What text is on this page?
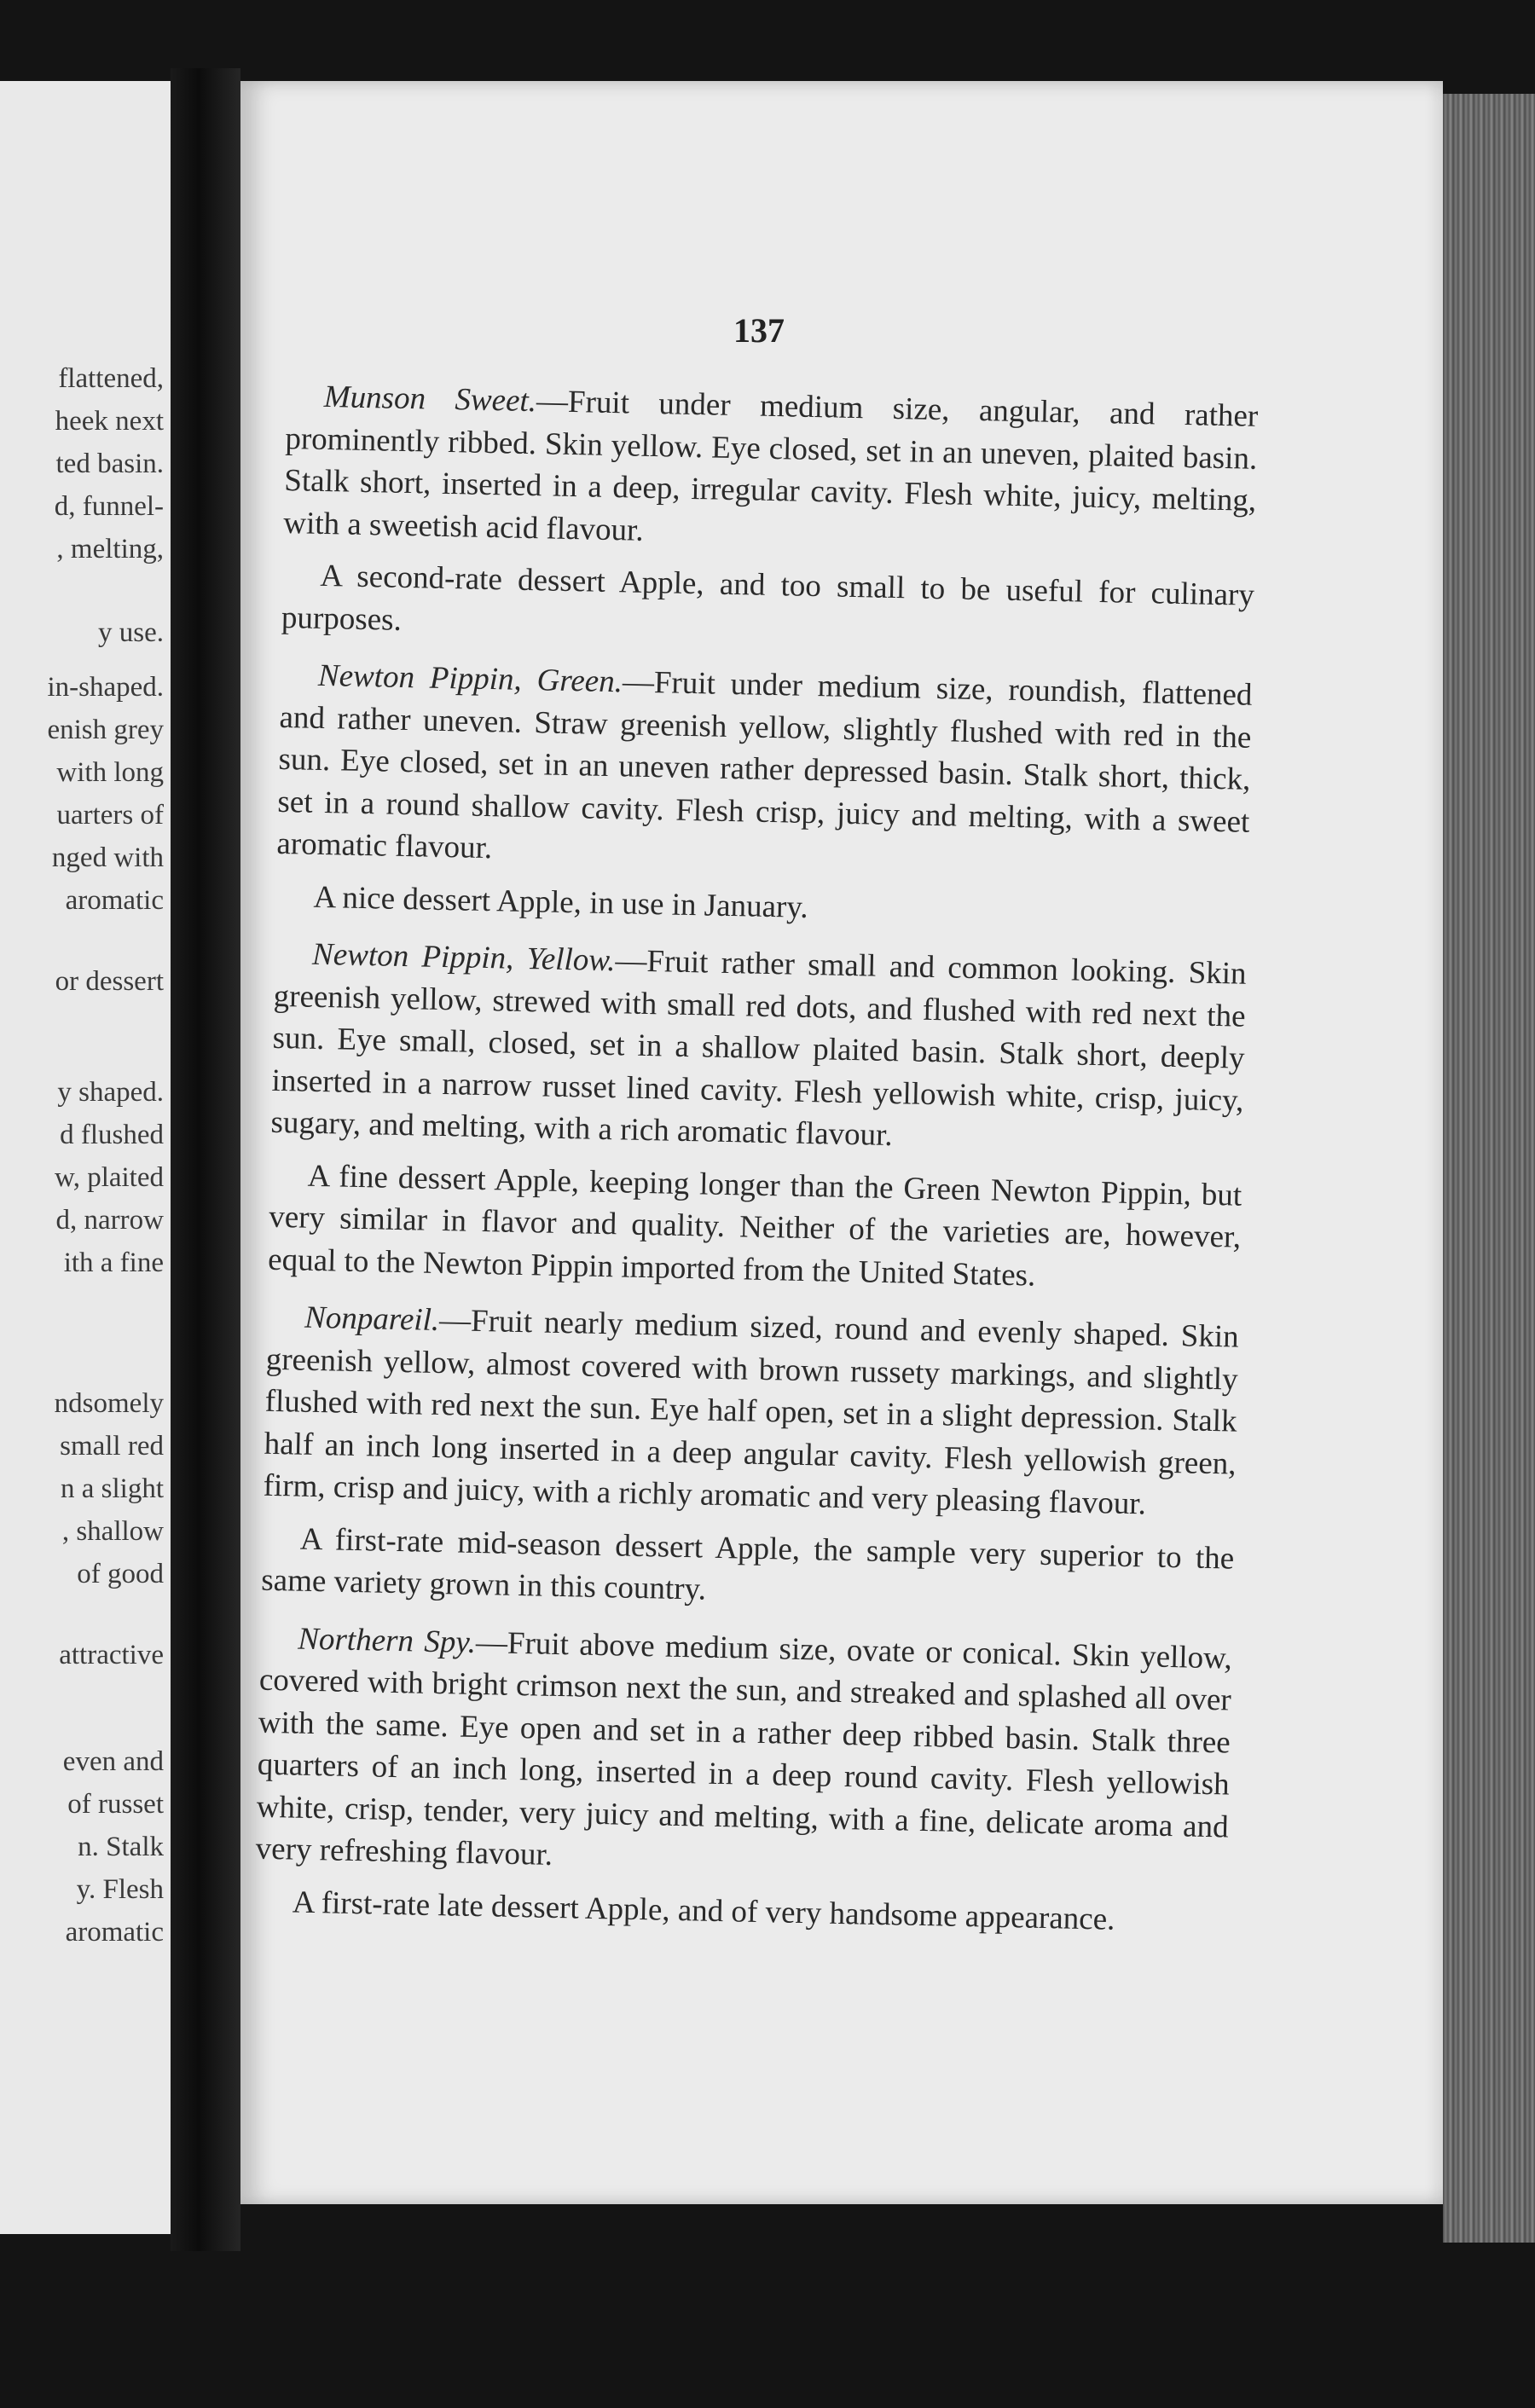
flattened,
heek next
ted basin.
d, funnel-
, melting,
y use.
in-shaped.
enish grey
with long
uarters of
nged with
aromatic
or dessert
y shaped.
d flushed
w, plaited
d, narrow
ith a fine
ndsomely
small red
n a slight
, shallow
of good
attractive
even and
of russet
n. Stalk
y. Flesh
aromatic
137

Munson Sweet.—Fruit under medium size, angular, and rather prominently ribbed. Skin yellow. Eye closed, set in an uneven, plaited basin. Stalk short, inserted in a deep, irregular cavity. Flesh white, juicy, melting, with a sweetish acid flavour.

A second-rate dessert Apple, and too small to be useful for culinary purposes.

Newton Pippin, Green.—Fruit under medium size, roundish, flattened and rather uneven. Straw greenish yellow, slightly flushed with red in the sun. Eye closed, set in an uneven rather depressed basin. Stalk short, thick, set in a round shallow cavity. Flesh crisp, juicy and melting, with a sweet aromatic flavour.

A nice dessert Apple, in use in January.

Newton Pippin, Yellow.—Fruit rather small and common looking. Skin greenish yellow, strewed with small red dots, and flushed with red next the sun. Eye small, closed, set in a shallow plaited basin. Stalk short, deeply inserted in a narrow russet lined cavity. Flesh yellowish white, crisp, juicy, sugary, and melting, with a rich aromatic flavour.

A fine dessert Apple, keeping longer than the Green Newton Pippin, but very similar in flavor and quality. Neither of the varieties are, however, equal to the Newton Pippin imported from the United States.

Nonpareil.—Fruit nearly medium sized, round and evenly shaped. Skin greenish yellow, almost covered with brown russety markings, and slightly flushed with red next the sun. Eye half open, set in a slight depression. Stalk half an inch long inserted in a deep angular cavity. Flesh yellowish green, firm, crisp and juicy, with a richly aromatic and very pleasing flavour.

A first-rate mid-season dessert Apple, the sample very superior to the same variety grown in this country.

Northern Spy.—Fruit above medium size, ovate or conical. Skin yellow, covered with bright crimson next the sun, and streaked and splashed all over with the same. Eye open and set in a rather deep ribbed basin. Stalk three quarters of an inch long, inserted in a deep round cavity. Flesh yellowish white, crisp, tender, very juicy and melting, with a fine, delicate aroma and very refreshing flavour.

A first-rate late dessert Apple, and of very handsome appearance.
